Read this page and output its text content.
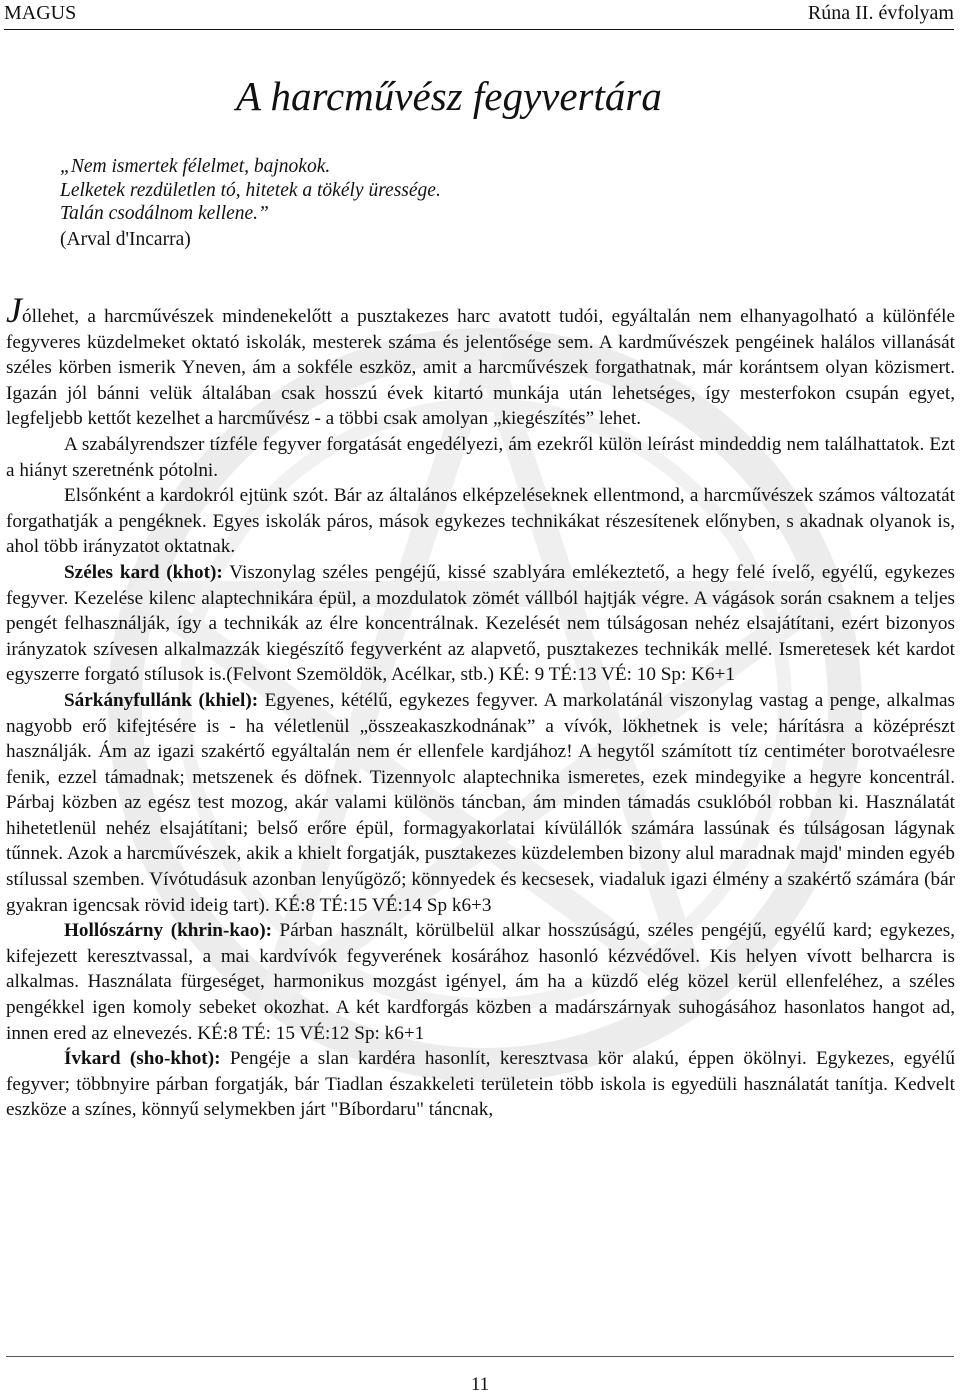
MAGUS	Rúna II. évfolyam
A harcművész fegyvertára
„Nem ismertek félelmet, bajnokok.
Lelketek rezdületlen tó, hitetek a tökély üressége.
Talán csodálnom kellene.”
(Arval d'Incarra)

Jóllehet, a harcművészek mindenekelőtt a pusztakezes harc avatott tudói, egyáltalán nem elhanyagolható a különféle fegyveres küzdelmeket oktató iskolák, mesterek száma és jelentősége sem. A kardművészek pengéinek halálos villanását széles körben ismerik Yneven, ám a sokféle eszköz, amit a harcművészek forgathatnak, már korántsem olyan közismert. Igazán jól bánni velük általában csak hosszú évek kitartó munkája után lehetséges, így mesterfokon csupán egyet, legfeljebb kettőt kezelhet a harcművész - a többi csak amolyan „kiegészítés” lehet.

A szabályrendszer tízféle fegyver forgatását engedélyezi, ám ezekről külön leírást mindeddig nem találhattatok. Ezt a hiányt szeretnénk pótolni.

Elsőnként a kardokról ejtünk szót. Bár az általános elképzeléseknek ellentmond, a harcművészek számos változatát forgathatják a pengéknek. Egyes iskolák páros, mások egykezes technikákat részesítenek előnyben, s akadnak olyanok is, ahol több irányzatot oktatnak.

Széles kard (khot): Viszonylag széles pengéjű, kissé szablyára emlékeztető, a hegy felé ívelő, egyélű, egykezes fegyver. Kezelése kilenc alaptechnikára épül, a mozdulatok zömét vállból hajtják végre. A vágások során csaknem a teljes pengét felhasználják, így a technikák az élre koncentrálnak. Kezelését nem túlságosan nehéz elsajátítani, ezért bizonyos irányzatok szívesen alkalmazzák kiegészítő fegyverként az alapvető, pusztakezes technikák mellé. Ismeretesek két kardot egyszerre forgató stílusok is.(Felvont Szemöldök, Acélkar, stb.) KÉ: 9 TÉ:13 VÉ: 10 Sp: K6+1

Sárkányfullánk (khiel): Egyenes, kétélű, egykezes fegyver. A markolatánál viszonylag vastag a penge, alkalmas nagyobb erő kifejtésére is - ha véletlenül „összeakaszkodnának” a vívók, lökhetnek is vele; hárításra a középrészt használják. Ám az igazi szakértő egyáltalán nem ér ellenfele kardjához! A hegytől számított tíz centiméter borotvaélesre fenik, ezzel támadnak; metszenek és döfnek. Tizennyolc alaptechnika ismeretes, ezek mindegyike a hegyre koncentrál. Párbaj közben az egész test mozog, akár valami különös táncban, ám minden támadás csuklóból robban ki. Használatát hihetetlenül nehéz elsajátítani; belső erőre épül, formagyakorlatai kívülállók számára lassúnak és túlságosan lágynak tűnnek. Azok a harcművészek, akik a khielt forgatják, pusztakezes küzdelemben bizony alul maradnak majd' minden egyéb stílussal szemben. Vívótudásuk azonban lenyűgöző; könnyedek és kecsesek, viadaluk igazi élmény a szakértő számára (bár gyakran igencsak rövid ideig tart). KÉ:8 TÉ:15 VÉ:14 Sp k6+3

Hollószárny (khrin-kao): Párban használt, körülbelül alkar hosszúságú, széles pengéjű, egyélű kard; egykezes, kifejezett keresztvassal, a mai kardvívók fegyverének kosárához hasonló kézvédővel. Kis helyen vívott belharcra is alkalmas. Használata fürgeséget, harmonikus mozgást igényel, ám ha a küzdő elég közel kerül ellenfeléhez, a széles pengékkel igen komoly sebeket okozhat. A két kardforgás közben a madárszárnyak suhogásához hasonlatos hangot ad, innen ered az elnevezés. KÉ:8 TÉ: 15 VÉ:12 Sp: k6+1

Ívkard (sho-khot): Pengéje a slan kardéra hasonlít, keresztvasa kör alakú, éppen ökölnyi. Egykezes, egyélű fegyver; többnyire párban forgatják, bár Tiadlan északkeleti területein több iskola is egyedüli használatát tanítja. Kedvelt eszköze a színes, könnyű selymekben járt "Bíbordaru" táncnak,

11
